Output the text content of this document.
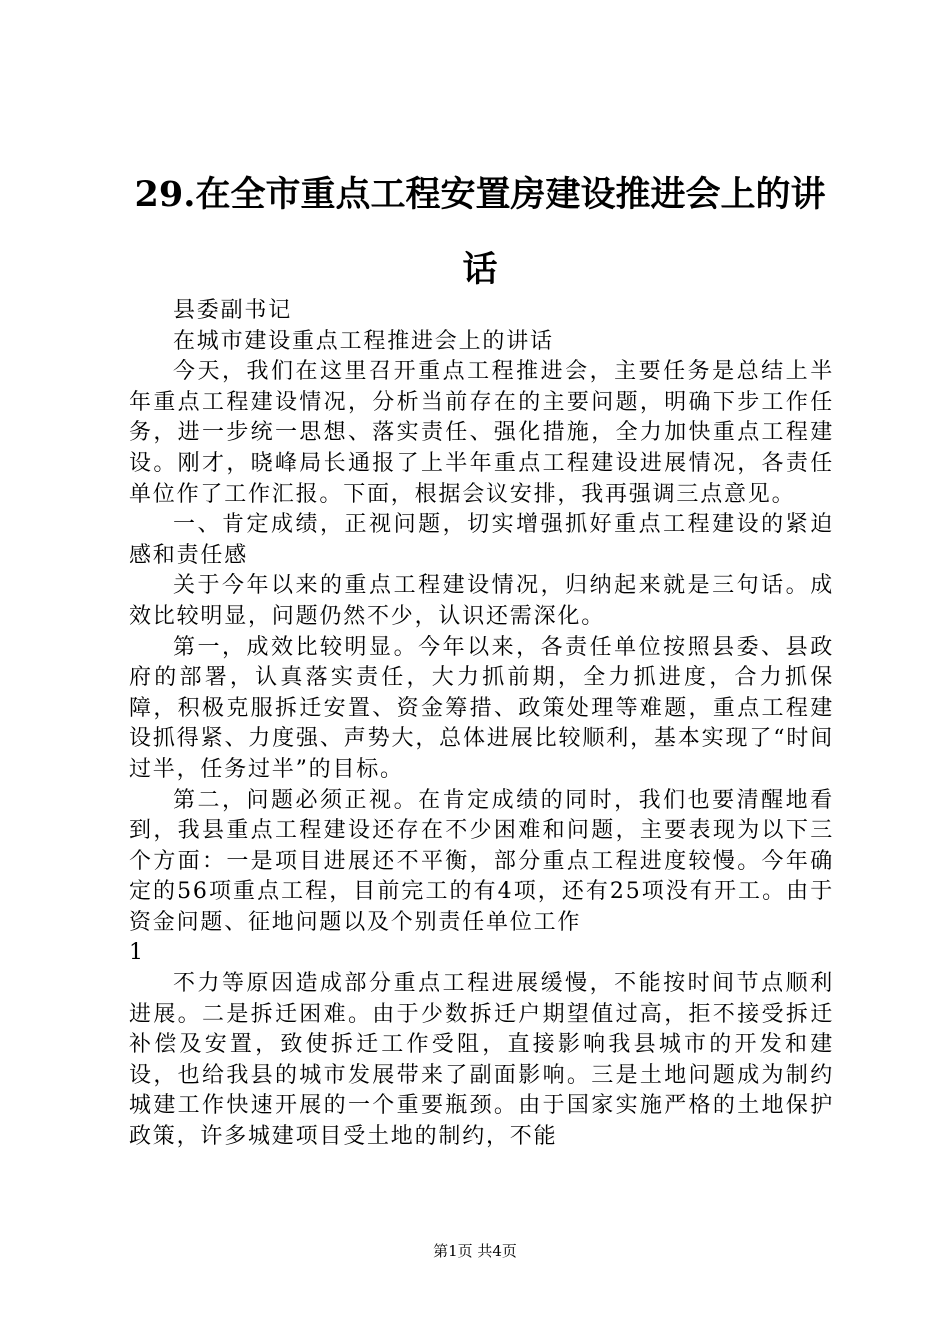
29.在全市重点工程安置房建设推进会上的讲话

县委副书记

在城市建设重点工程推进会上的讲话

今天，我们在这里召开重点工程推进会，主要任务是总结上半年重点工程建设情况，分析当前存在的主要问题，明确下步工作任务，进一步统一思想、落实责任、强化措施，全力加快重点工程建设。刚才，晓峰局长通报了上半年重点工程建设进展情况，各责任单位作了工作汇报。下面，根据会议安排，我再强调三点意见。

一、肯定成绩，正视问题，切实增强抓好重点工程建设的紧迫感和责任感

关于今年以来的重点工程建设情况，归纳起来就是三句话。成效比较明显，问题仍然不少，认识还需深化。

第一，成效比较明显。今年以来，各责任单位按照县委、县政府的部署，认真落实责任，大力抓前期，全力抓进度，合力抓保障，积极克服拆迁安置、资金筹措、政策处理等难题，重点工程建设抓得紧、力度强、声势大，总体进展比较顺利，基本实现了“时间过半，任务过半”的目标。

第二，问题必须正视。在肯定成绩的同时，我们也要清醒地看到，我县重点工程建设还存在不少困难和问题，主要表现为以下三个方面：一是项目进展还不平衡，部分重点工程进度较慢。今年确定的56项重点工程，目前完工的有4项，还有25项没有开工。由于资金问题、征地问题以及个别责任单位工作

1

不力等原因造成部分重点工程进展缓慢，不能按时间节点顺利进展。二是拆迁困难。由于少数拆迁户期望值过高，拒不接受拆迁补偿及安置，致使拆迁工作受阻，直接影响我县城市的开发和建设，也给我县的城市发展带来了副面影响。三是土地问题成为制约城建工作快速开展的一个重要瓶颈。由于国家实施严格的土地保护政策，许多城建项目受土地的制约，不能

第1页 共4页
